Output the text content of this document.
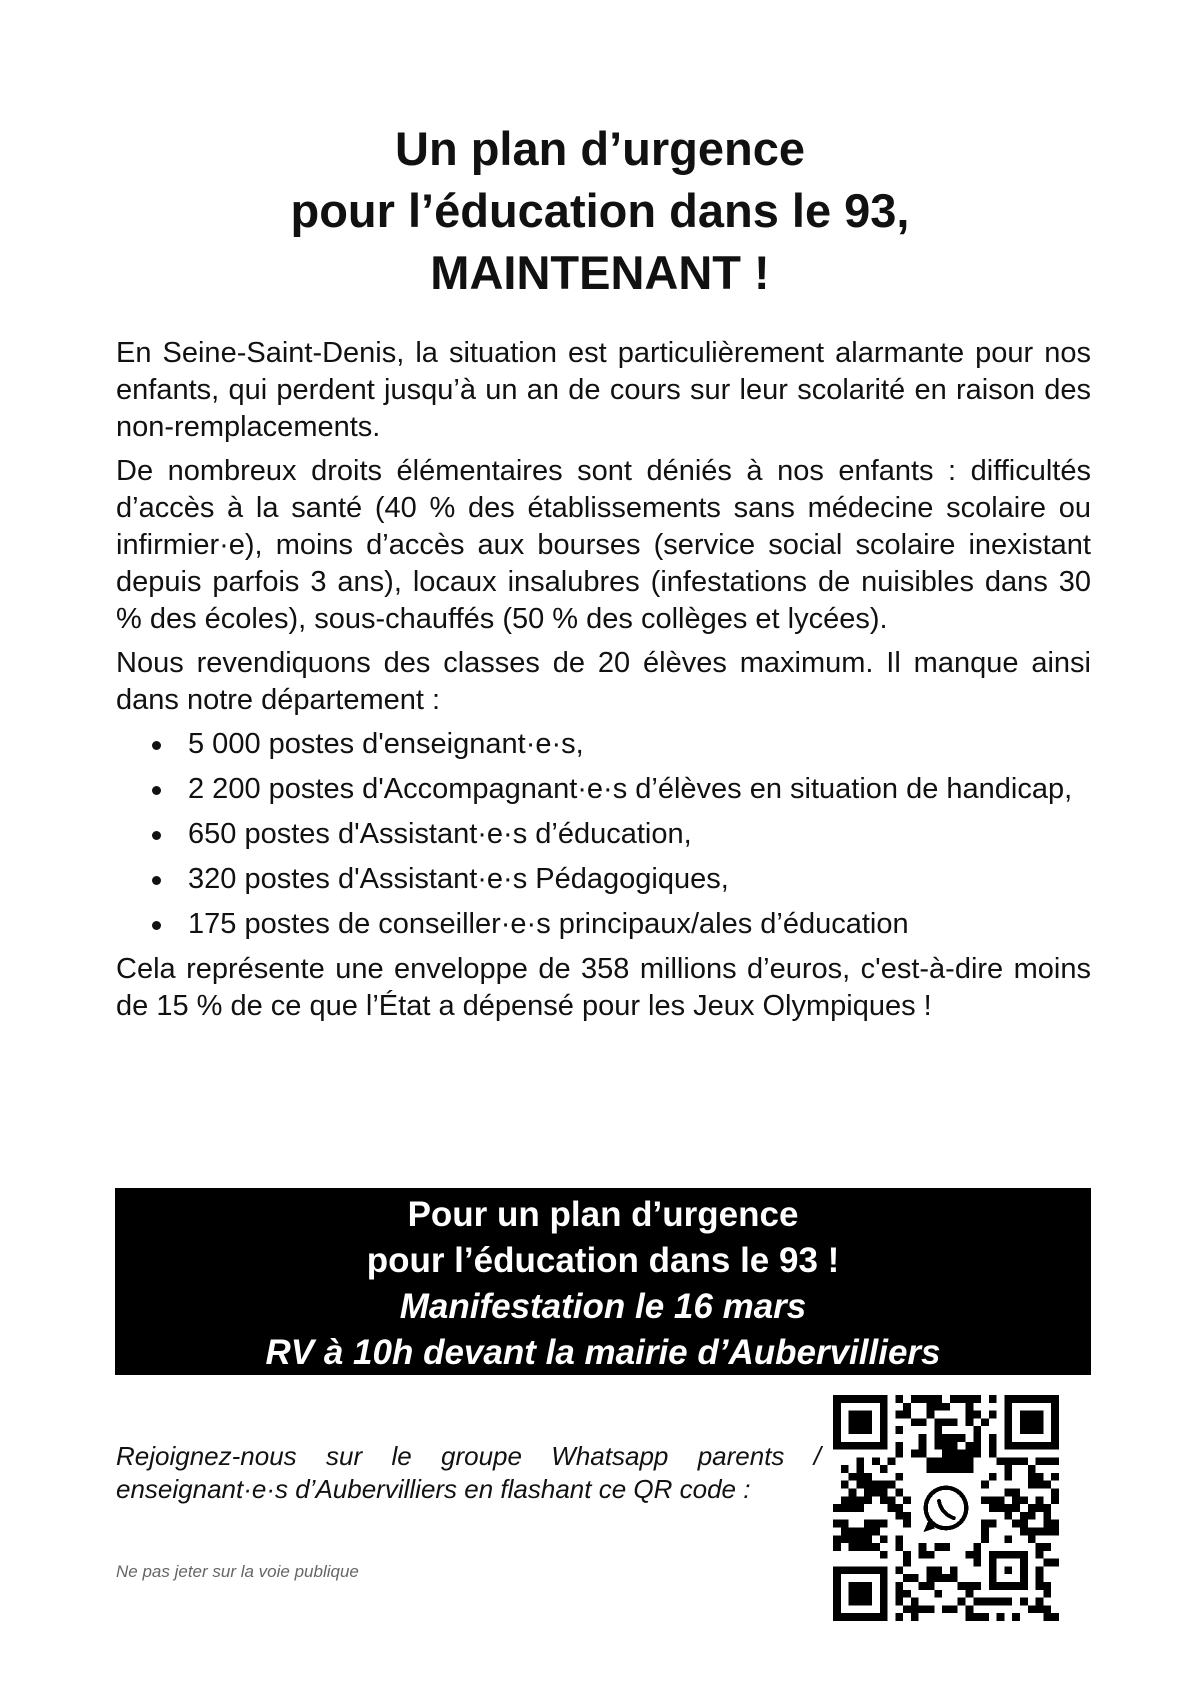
Un plan d’urgence
pour l’éducation dans le 93,
MAINTENANT !

En Seine-Saint-Denis, la situation est particulièrement alarmante pour nos enfants, qui perdent jusqu’à un an de cours sur leur scolarité en raison des non-remplacements.

De nombreux droits élémentaires sont déniés à nos enfants : difficultés d’accès à la santé (40 % des établissements sans médecine scolaire ou infirmier·e), moins d’accès aux bourses (service social scolaire inexistant depuis parfois 3 ans), locaux insalubres (infestations de nuisibles dans 30 % des écoles), sous-chauffés (50 % des collèges et lycées).

Nous revendiquons des classes de 20 élèves maximum. Il manque ainsi dans notre département :

5 000 postes d'enseignant·e·s,
2 200 postes d'Accompagnant·e·s d’élèves en situation de handicap,
650 postes d'Assistant·e·s d’éducation,
320 postes d'Assistant·e·s Pédagogiques,
175 postes de conseiller·e·s principaux/ales d’éducation

Cela représente une enveloppe de 358 millions d’euros, c'est-à-dire moins de 15 % de ce que l’État a dépensé pour les Jeux Olympiques !

Pour un plan d’urgence
pour l’éducation dans le 93 !
Manifestation le 16 mars
RV à 10h devant la mairie d’Aubervilliers
Rejoignez-nous sur le groupe Whatsapp parents / enseignant·e·s d’Aubervilliers en flashant ce QR code :
Ne pas jeter sur la voie publique
